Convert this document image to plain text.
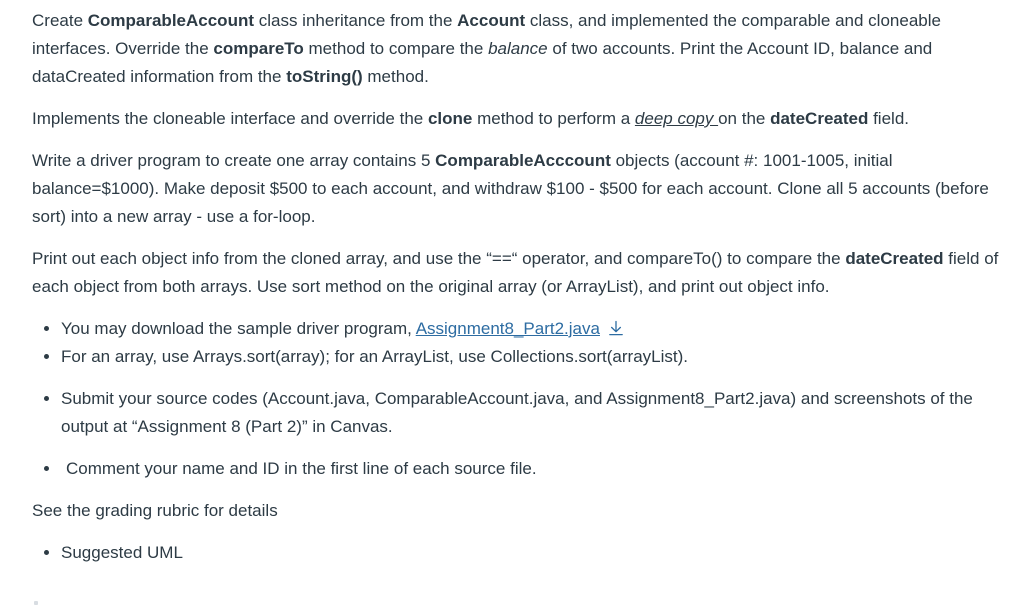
Create ComparableAccount class inheritance from the Account class, and implemented the comparable and cloneable interfaces. Override the compareTo method to compare the balance of two accounts. Print the Account ID, balance and dataCreated information from the toString() method.

Implements the cloneable interface and override the clone method to perform a deep copy on the dateCreated field.

Write a driver program to create one array contains 5 ComparableAcccount objects (account #: 1001-1005, initial balance=$1000). Make deposit $500 to each account, and withdraw $100 - $500 for each account. Clone all 5 accounts (before sort) into a new array - use a for-loop.

Print out each object info from the cloned array, and use the “==“ operator, and compareTo() to compare the dateCreated field of each object from both arrays. Use sort method on the original array (or ArrayList), and print out object info.

• You may download the sample driver program, Assignment8_Part2.java
• For an array, use Arrays.sort(array); for an ArrayList, use Collections.sort(arrayList).
• Submit your source codes (Account.java, ComparableAccount.java, and Assignment8_Part2.java) and screenshots of the output at “Assignment 8 (Part 2)” in Canvas.
• Comment your name and ID in the first line of each source file.

See the grading rubric for details

• Suggested UML
